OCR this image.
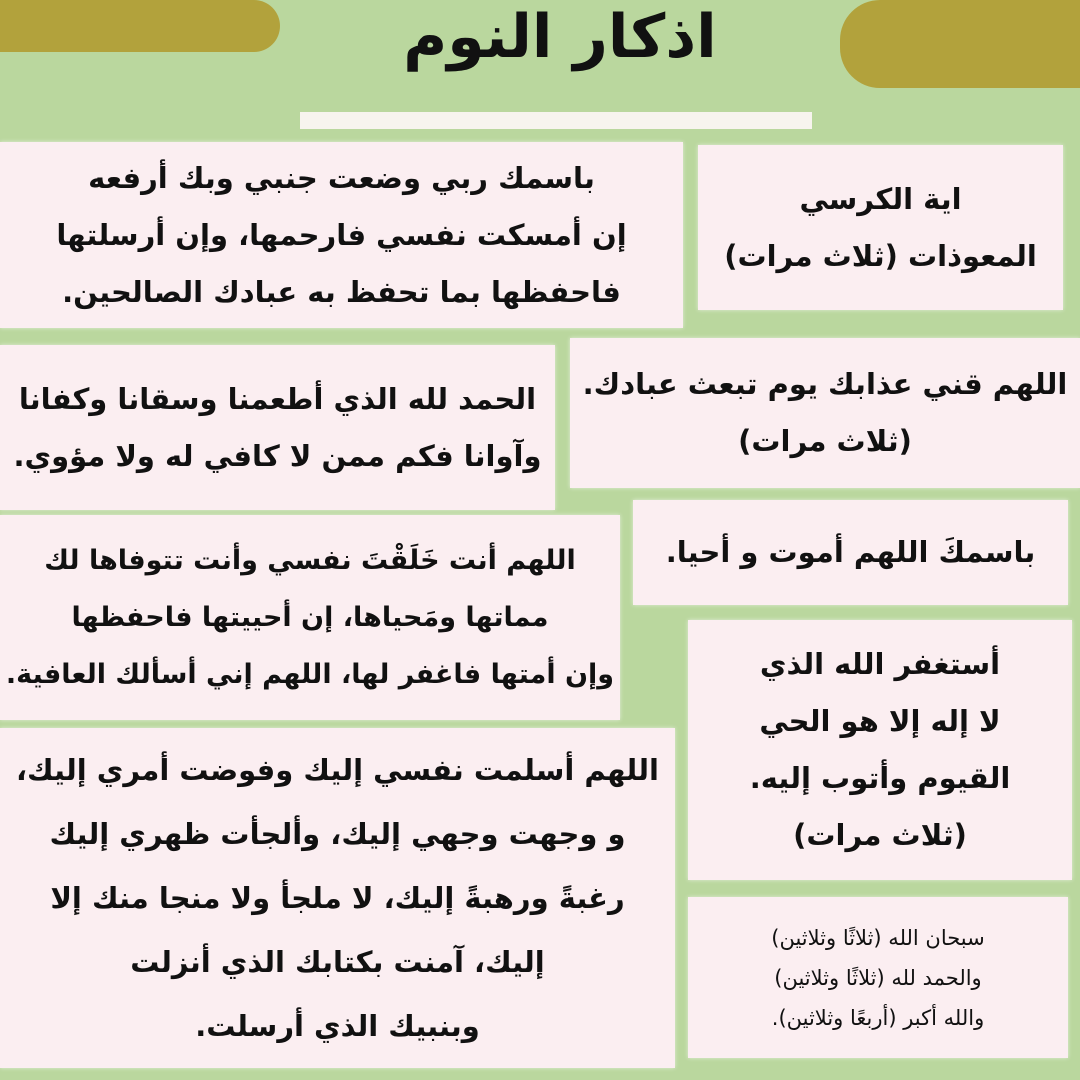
اذكار النوم
باسمك ربي وضعت جنبي وبك أرفعه
إن أمسكت نفسي فارحمها، وإن أرسلتها
فاحفظها بما تحفظ به عبادك الصالحين.
اية الكرسي
المعوذات (ثلاث مرات)
اللهم قني عذابك يوم تبعث عبادك.
(ثلاث مرات)
الحمد لله الذي أطعمنا وسقانا وكفانا
وآوانا فكم ممن لا كافي له ولا مؤوي.
باسمكَ اللهم أموت و أحيا.
اللهم أنت خَلَقْتَ نفسي وأنت تتوفاها لك
مماتها ومَحياها، إن أحييتها فاحفظها
وإن أمتها فاغفر لها، اللهم إني أسألك العافية.	أستغفر الله الذي
لا إله إلا هو الحي
القيوم وأتوب إليه.
(ثلاث مرات)
اللهم أسلمت نفسي إليك وفوضت أمري إليك،
و وجهت وجهي إليك، وألجأت ظهري إليك
رغبةً ورهبةً إليك، لا ملجأ ولا منجا منك إلا
إليك، آمنت بكتابك الذي أنزلت
وبنبيك الذي أرسلت.
سبحان الله (ثلاثًا وثلاثين)
والحمد لله (ثلاثًا وثلاثين)
والله أكبر (أربعًا وثلاثين).
